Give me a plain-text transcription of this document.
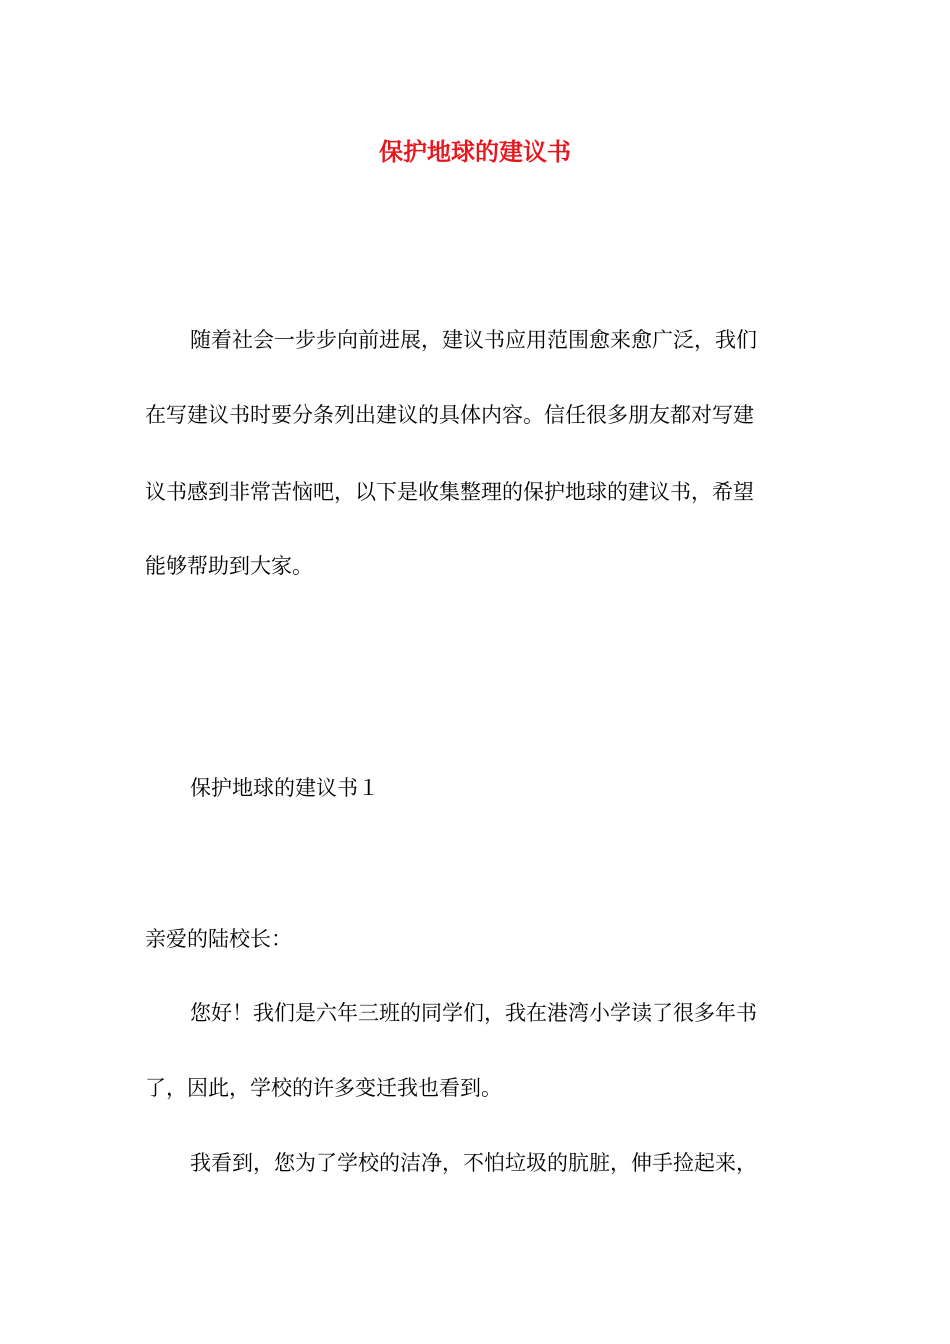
保护地球的建议书

随着社会一步步向前进展，建议书应用范围愈来愈广泛，我们

在写建议书时要分条列出建议的具体内容。信任很多朋友都对写建

议书感到非常苦恼吧，以下是收集整理的保护地球的建议书，希望

能够帮助到大家。

保护地球的建议书１

亲爱的陆校长：

您好！我们是六年三班的同学们，我在港湾小学读了很多年书

了，因此，学校的许多变迁我也看到。

我看到，您为了学校的洁净，不怕垃圾的肮脏，伸手捡起来，
